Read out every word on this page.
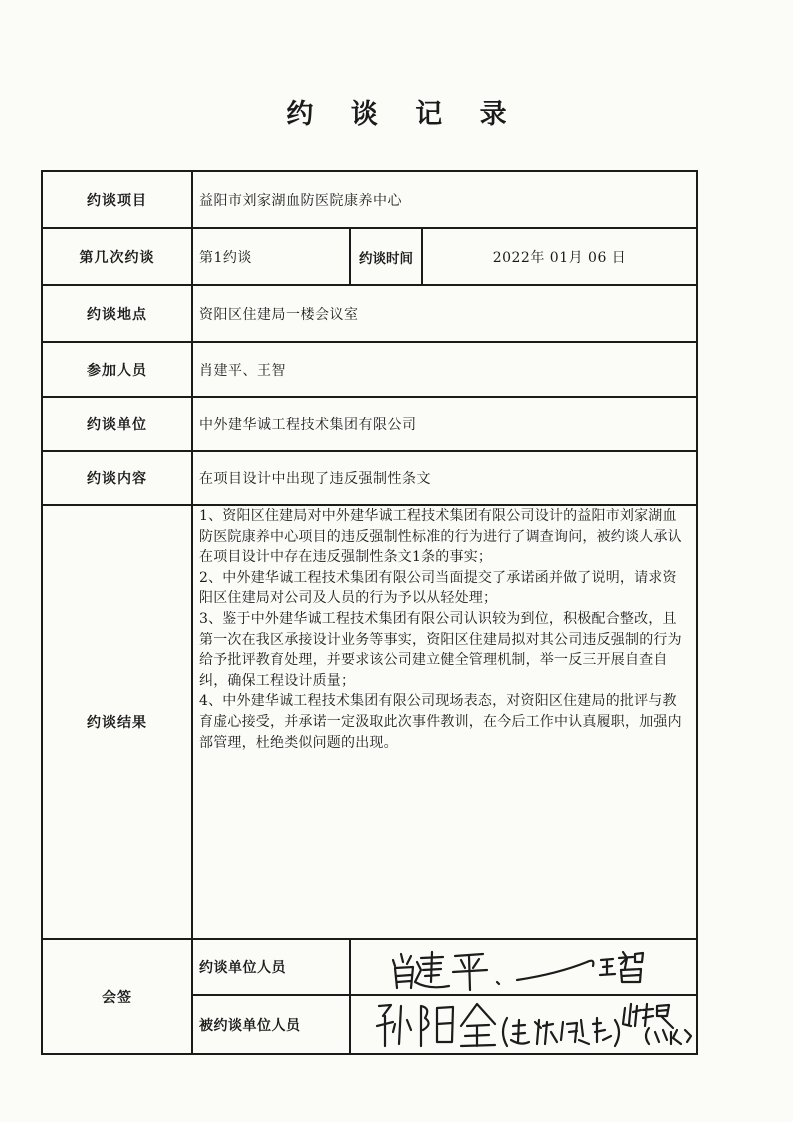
约 谈 记 录
约谈项目	益阳市刘家湖血防医院康养中心		
第几次约谈	第1约谈	约谈时间	2022年 01月 06 日
约谈地点	资阳区住建局一楼会议室		
参加人员	肖建平、王智		
约谈单位	中外建华诚工程技术集团有限公司		
约谈内容	在项目设计中出现了违反强制性条文		
约谈结果	1、资阳区住建局对中外建华诚工程技术集团有限公司设计的益阳市刘家湖血防医院康养中心项目的违反强制性标准的行为进行了调查询问，被约谈人承认在项目设计中存在违反强制性条文1条的事实；

2、中外建华诚工程技术集团有限公司当面提交了承诺函并做了说明，请求资阳区住建局对公司及人员的行为予以从轻处理；

3、鉴于中外建华诚工程技术集团有限公司认识较为到位，积极配合整改，且第一次在我区承接设计业务等事实，资阳区住建局拟对其公司违反强制的行为给予批评教育处理，并要求该公司建立健全管理机制，举一反三开展自查自纠，确保工程设计质量；

4、中外建华诚工程技术集团有限公司现场表态，对资阳区住建局的批评与教育虚心接受，并承诺一定汲取此次事件教训，在今后工作中认真履职，加强内部管理，杜绝类似问题的出现。		

会签	约谈单位人员	

	被约谈单位人员	
